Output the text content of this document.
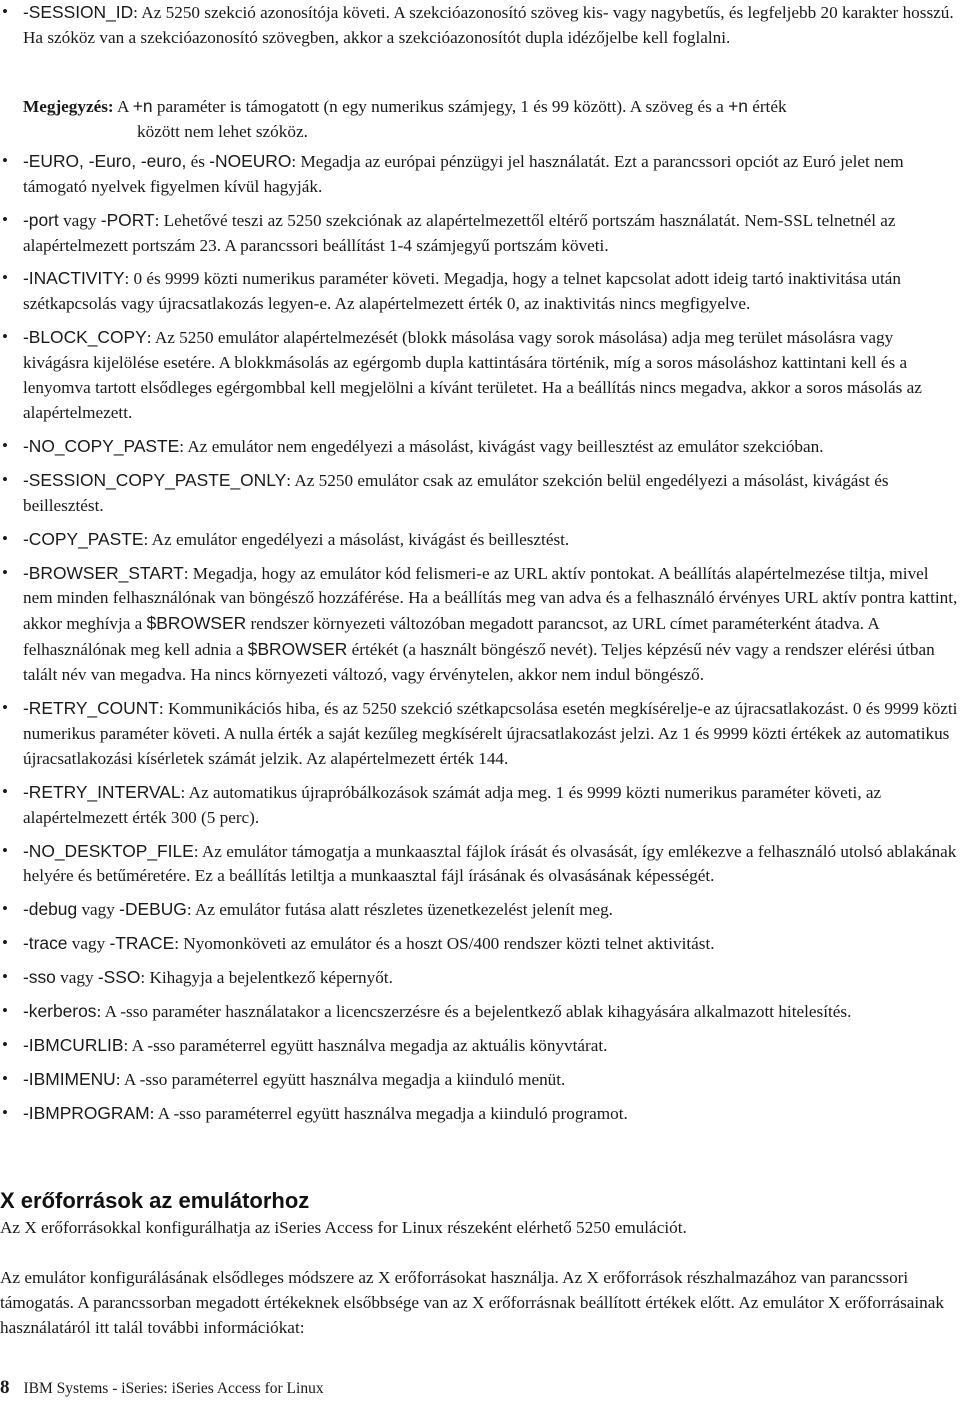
• -SESSION_ID: Az 5250 szekció azonosítója követi. A szekcióazonosító szöveg kis- vagy nagybetűs, és legfeljebb 20 karakter hosszú. Ha szóköz van a szekcióazonosító szövegben, akkor a szekcióazonosítót dupla idézőjelbe kell foglalni.
Megjegyzés: A +n paraméter is támogatott (n egy numerikus számjegy, 1 és 99 között). A szöveg és a +n érték
között nem lehet szóköz.
• -EURO, -Euro, -euro, és -NOEURO: Megadja az európai pénzügyi jel használatát. Ezt a parancssori opciót az Euró jelet nem támogató nyelvek figyelmen kívül hagyják.
• -port vagy -PORT: Lehetővé teszi az 5250 szekciónak az alapértelmezettől eltérő portszám használatát. Nem-SSL telnetnél az alapértelmezett portszám 23. A parancssori beállítást 1-4 számjegyű portszám követi.
• -INACTIVITY: 0 és 9999 közti numerikus paraméter követi. Megadja, hogy a telnet kapcsolat adott ideig tartó inaktivitása után szétkapcsolás vagy újracsatlakozás legyen-e. Az alapértelmezett érték 0, az inaktivitás nincs megfigyelve.
• -BLOCK_COPY: Az 5250 emulátor alapértelmezését (blokk másolása vagy sorok másolása) adja meg terület másolásra vagy kivágásra kijelölése esetére. A blokkmásolás az egérgomb dupla kattintására történik, míg a soros másoláshoz kattintani kell és a lenyomva tartott elsődleges egérgombbal kell megjelölni a kívánt területet. Ha a beállítás nincs megadva, akkor a soros másolás az alapértelmezett.
• -NO_COPY_PASTE: Az emulátor nem engedélyezi a másolást, kivágást vagy beillesztést az emulátor szekcióban.
• -SESSION_COPY_PASTE_ONLY: Az 5250 emulátor csak az emulátor szekción belül engedélyezi a másolást, kivágást és beillesztést.
• -COPY_PASTE: Az emulátor engedélyezi a másolást, kivágást és beillesztést.
• -BROWSER_START: Megadja, hogy az emulátor kód felismeri-e az URL aktív pontokat. A beállítás alapértelmezése tiltja, mivel nem minden felhasználónak van böngésző hozzáférése. Ha a beállítás meg van adva és a felhasználó érvényes URL aktív pontra kattint, akkor meghívja a $BROWSER rendszer környezeti változóban megadott parancsot, az URL címet paraméterként átadva. A felhasználónak meg kell adnia a $BROWSER értékét (a használt böngésző nevét). Teljes képzésű név vagy a rendszer elérési útban talált név van megadva. Ha nincs környezeti változó, vagy érvénytelen, akkor nem indul böngésző.
• -RETRY_COUNT: Kommunikációs hiba, és az 5250 szekció szétkapcsolása esetén megkísérelje-e az újracsatlakozást. 0 és 9999 közti numerikus paraméter követi. A nulla érték a saját kezűleg megkísérelt újracsatlakozást jelzi. Az 1 és 9999 közti értékek az automatikus újracsatlakozási kísérletek számát jelzik. Az alapértelmezett érték 144.
• -RETRY_INTERVAL: Az automatikus újrapróbálkozások számát adja meg. 1 és 9999 közti numerikus paraméter követi, az alapértelmezett érték 300 (5 perc).
• -NO_DESKTOP_FILE: Az emulátor támogatja a munkaasztal fájlok írását és olvasását, így emlékezve a felhasználó utolsó ablakának helyére és betűméretére. Ez a beállítás letiltja a munkaasztal fájl írásának és olvasásának képességét.
• -debug vagy -DEBUG: Az emulátor futása alatt részletes üzenetkezelést jelenít meg.
• -trace vagy -TRACE: Nyomonköveti az emulátor és a hoszt OS/400 rendszer közti telnet aktivitást.
• -sso vagy -SSO: Kihagyja a bejelentkező képernyőt.
• -kerberos: A -sso paraméter használatakor a licencszerzésre és a bejelentkező ablak kihagyására alkalmazott hitelesítés.
• -IBMCURLIB: A -sso paraméterrel együtt használva megadja az aktuális könyvtárat.
• -IBMIMENU: A -sso paraméterrel együtt használva megadja a kiinduló menüt.
• -IBMPROGRAM: A -sso paraméterrel együtt használva megadja a kiinduló programot.
X erőforrások az emulátorhoz

Az X erőforrásokkal konfigurálhatja az iSeries Access for Linux részeként elérhető 5250 emulációt.

Az emulátor konfigurálásának elsődleges módszere az X erőforrásokat használja. Az X erőforrások részhalmazához van parancssori támogatás. A parancssorban megadott értékeknek elsőbbsége van az X erőforrásnak beállított értékek előtt. Az emulátor X erőforrásainak használatáról itt talál további információkat:

8 IBM Systems - iSeries: iSeries Access for Linux
